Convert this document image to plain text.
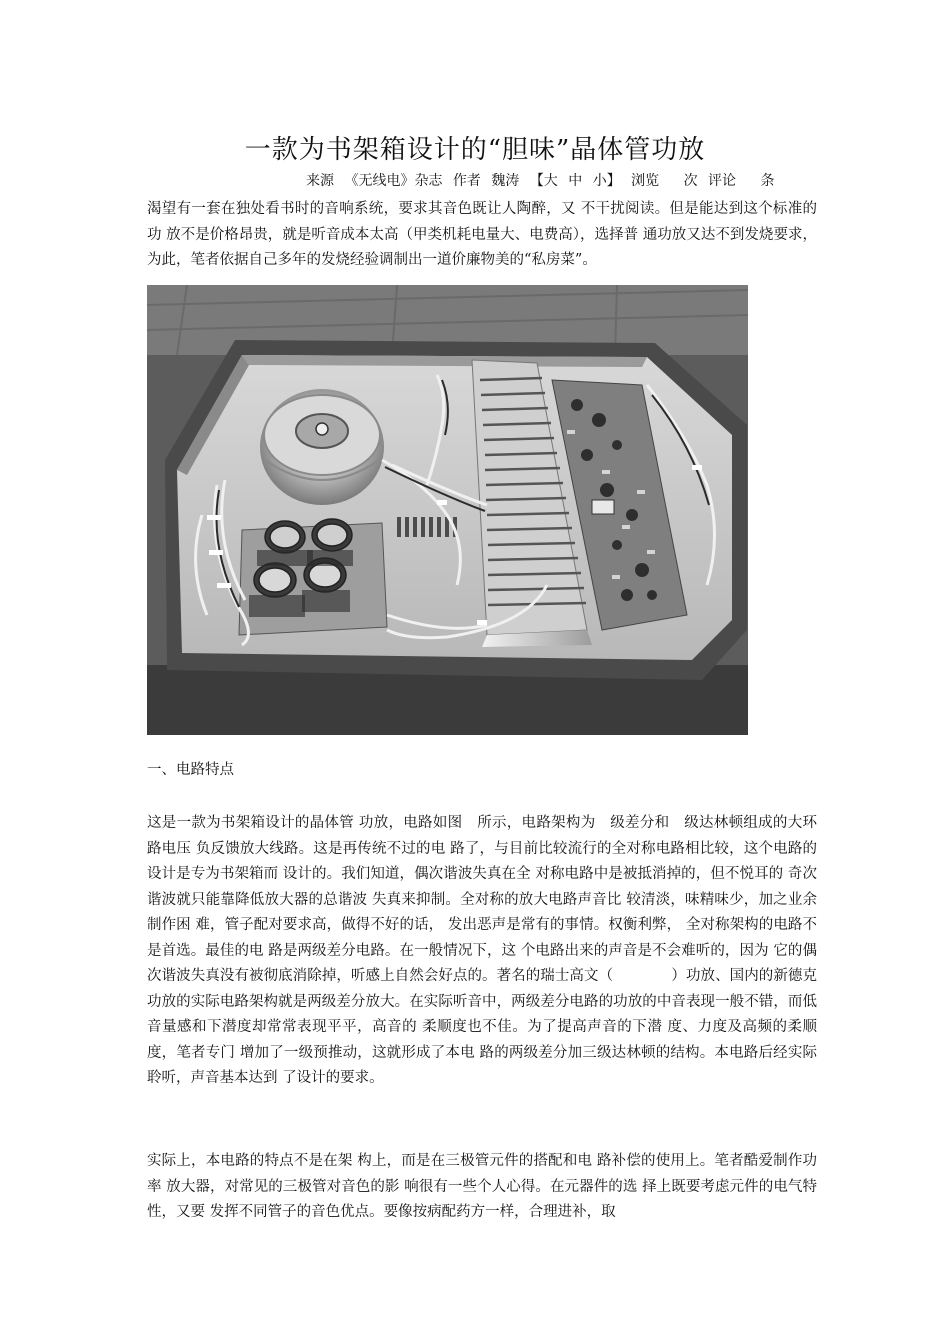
一款为书架箱设计的“胆味”晶体管功放
来源 《无线电》杂志 作者 魏涛 【大 中 小】 浏览　 次 评论　 条

渴望有一套在独处看书时的音响系统，要求其音色既让人陶醉，又 不干扰阅读。但是能达到这个标准的功 放不是价格昂贵，就是听音成本太高（甲类机耗电量大、电费高），选择普 通功放又达不到发烧要求，为此，笔者依据自己多年的发烧经验调制出一道价廉物美的“私房菜”。

一、电路特点

这是一款为书架箱设计的晶体管 功放，电路如图　所示，电路架构为　级差分和　级达林顿组成的大环路电压 负反馈放大线路。这是再传统不过的电 路了，与目前比较流行的全对称电路相比较，这个电路的设计是专为书架箱而 设计的。我们知道，偶次谐波失真在全 对称电路中是被抵消掉的，但不悦耳的 奇次谐波就只能靠降低放大器的总谐波 失真来抑制。全对称的放大电路声音比 较清淡，味精味少，加之业余制作困 难，管子配对要求高，做得不好的话， 发出恶声是常有的事情。权衡利弊， 全对称架构的电路不是首选。最佳的电 路是两级差分电路。在一般情况下，这 个电路出来的声音是不会难听的，因为 它的偶次谐波失真没有被彻底消除掉，听感上自然会好点的。著名的瑞士高文（　　　　）功放、国内的新德克 功放的实际电路架构就是两级差分放大。在实际听音中，两级差分电路的功放的中音表现一般不错，而低音量感和下潜度却常常表现平平，高音的 柔顺度也不佳。为了提高声音的下潜 度、力度及高频的柔顺度，笔者专门 增加了一级预推动，这就形成了本电 路的两级差分加三级达林顿的结构。本电路后经实际聆听，声音基本达到 了设计的要求。

实际上，本电路的特点不是在架 构上，而是在三极管元件的搭配和电 路补偿的使用上。笔者酷爱制作功率 放大器，对常见的三极管对音色的影 响很有一些个人心得。在元器件的选 择上既要考虑元件的电气特性，又要 发挥不同管子的音色优点。要像按病配药方一样，合理进补，取
